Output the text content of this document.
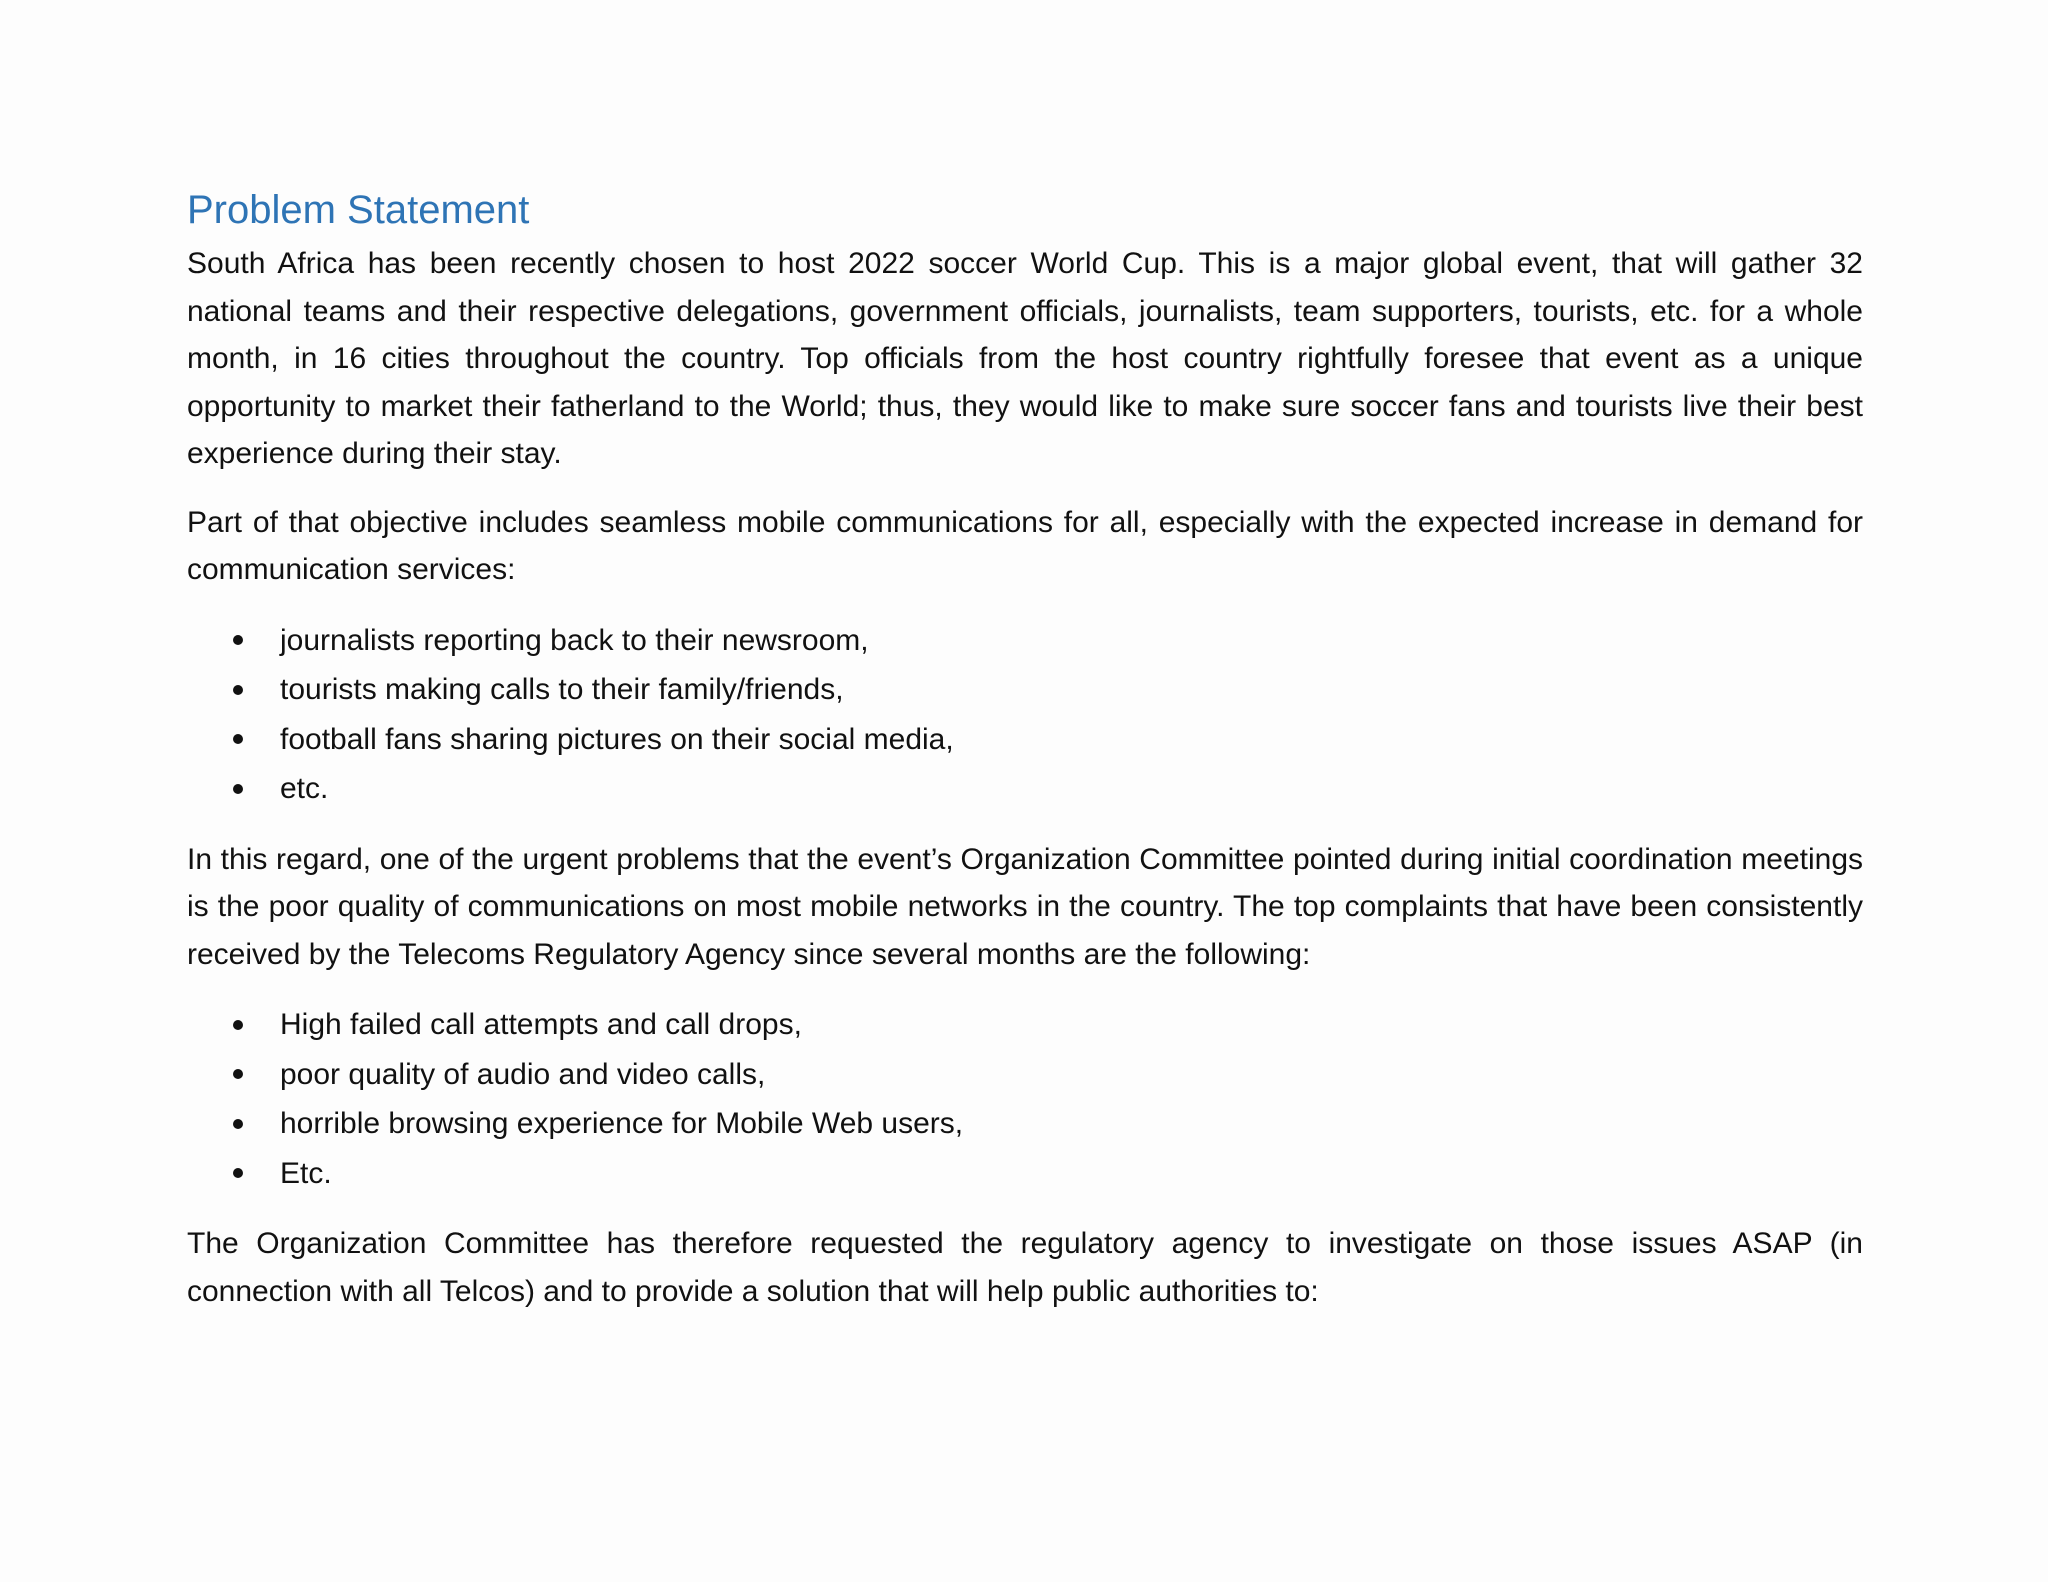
Problem Statement

South Africa has been recently chosen to host 2022 soccer World Cup. This is a major global event, that will gather 32 national teams and their respective delegations, government officials, journalists, team supporters, tourists, etc. for a whole month, in 16 cities throughout the country. Top officials from the host country rightfully foresee that event as a unique opportunity to market their fatherland to the World; thus, they would like to make sure soccer fans and tourists live their best experience during their stay.

Part of that objective includes seamless mobile communications for all, especially with the expected increase in demand for communication services:

journalists reporting back to their newsroom,
tourists making calls to their family/friends,
football fans sharing pictures on their social media,
etc.

In this regard, one of the urgent problems that the event’s Organization Committee pointed during initial coordination meetings is the poor quality of communications on most mobile networks in the country. The top complaints that have been consistently received by the Telecoms Regulatory Agency since several months are the following:

High failed call attempts and call drops,
poor quality of audio and video calls,
horrible browsing experience for Mobile Web users,
Etc.

The Organization Committee has therefore requested the regulatory agency to investigate on those issues ASAP (in connection with all Telcos) and to provide a solution that will help public authorities to:
